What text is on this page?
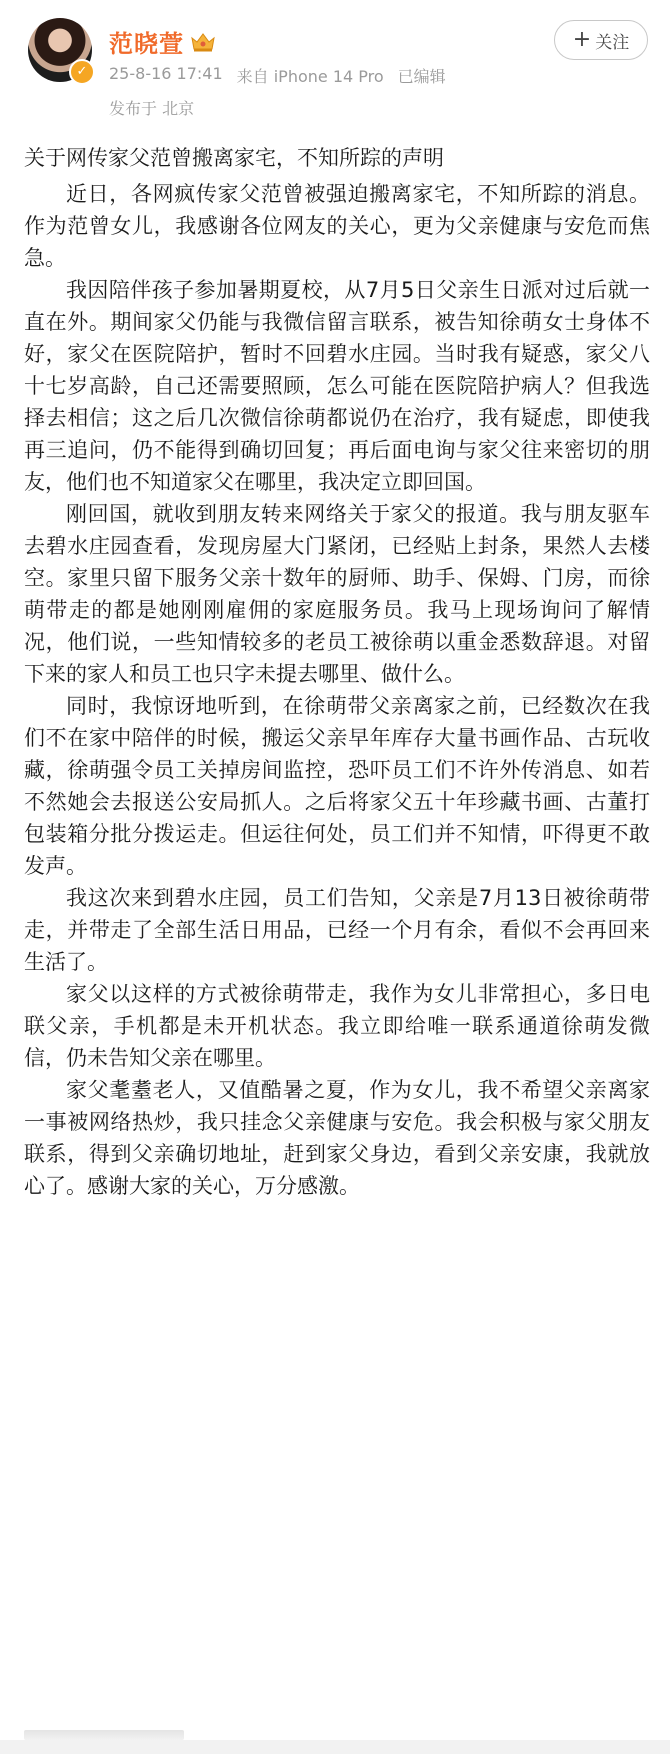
✓
范晓萱
25-8-16 17:41 来自 iPhone 14 Pro 已编辑
发布于 北京
+ 关注

关于网传家父范曾搬离家宅，不知所踪的声明

近日，各网疯传家父范曾被强迫搬离家宅，不知所踪的消息。作为范曾女儿，我感谢各位网友的关心，更为父亲健康与安危而焦急。

我因陪伴孩子参加暑期夏校，从7月5日父亲生日派对过后就一直在外。期间家父仍能与我微信留言联系，被告知徐萌女士身体不好，家父在医院陪护，暂时不回碧水庄园。当时我有疑惑，家父八十七岁高龄，自己还需要照顾，怎么可能在医院陪护病人？但我选择去相信；这之后几次微信徐萌都说仍在治疗，我有疑虑，即使我再三追问，仍不能得到确切回复；再后面电询与家父往来密切的朋友，他们也不知道家父在哪里，我决定立即回国。

刚回国，就收到朋友转来网络关于家父的报道。我与朋友驱车去碧水庄园查看，发现房屋大门紧闭，已经贴上封条，果然人去楼空。家里只留下服务父亲十数年的厨师、助手、保姆、门房，而徐萌带走的都是她刚刚雇佣的家庭服务员。我马上现场询问了解情况，他们说，一些知情较多的老员工被徐萌以重金悉数辞退。对留下来的家人和员工也只字未提去哪里、做什么。

同时，我惊讶地听到，在徐萌带父亲离家之前，已经数次在我们不在家中陪伴的时候，搬运父亲早年库存大量书画作品、古玩收藏，徐萌强令员工关掉房间监控，恐吓员工们不许外传消息、如若不然她会去报送公安局抓人。之后将家父五十年珍藏书画、古董打包装箱分批分拨运走。但运往何处，员工们并不知情，吓得更不敢发声。

我这次来到碧水庄园，员工们告知，父亲是7月13日被徐萌带走，并带走了全部生活日用品，已经一个月有余，看似不会再回来生活了。

家父以这样的方式被徐萌带走，我作为女儿非常担心，多日电联父亲，手机都是未开机状态。我立即给唯一联系通道徐萌发微信，仍未告知父亲在哪里。

家父耄耋老人，又值酷暑之夏，作为女儿，我不希望父亲离家一事被网络热炒，我只挂念父亲健康与安危。我会积极与家父朋友联系，得到父亲确切地址，赶到家父身边，看到父亲安康，我就放心了。感谢大家的关心，万分感激。
